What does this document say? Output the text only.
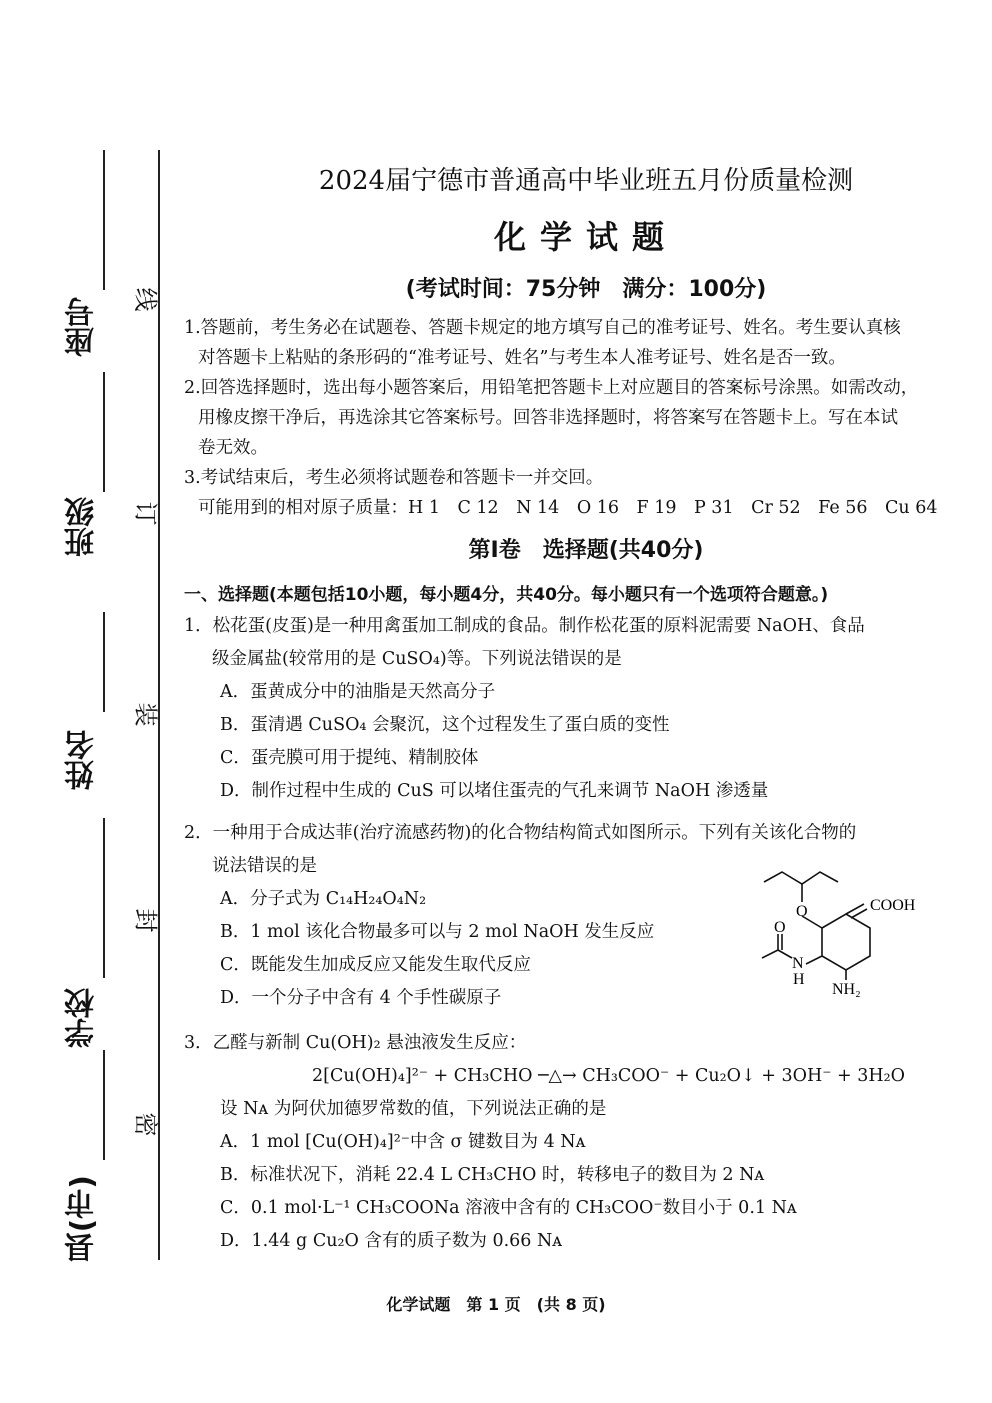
座号
班级
姓名
学校
县(市)
线
订
装
封
密
2024届宁德市普通高中毕业班五月份质量检测
化学试题
(考试时间：75分钟　满分：100分)
1.答题前，考生务必在试题卷、答题卡规定的地方填写自己的准考证号、姓名。考生要认真核
对答题卡上粘贴的条形码的“准考证号、姓名”与考生本人准考证号、姓名是否一致。
2.回答选择题时，选出每小题答案后，用铅笔把答题卡上对应题目的答案标号涂黑。如需改动，
用橡皮擦干净后，再选涂其它答案标号。回答非选择题时，将答案写在答题卡上。写在本试
卷无效。
3.考试结束后，考生必须将试题卷和答题卡一并交回。
可能用到的相对原子质量：H 1　C 12　N 14　O 16　F 19　P 31　Cr 52　Fe 56　Cu 64
第Ⅰ卷　选择题(共40分)
一、选择题(本题包括10小题，每小题4分，共40分。每小题只有一个选项符合题意。)
1．松花蛋(皮蛋)是一种用禽蛋加工制成的食品。制作松花蛋的原料泥需要 NaOH、食品
级金属盐(较常用的是 CuSO₄)等。下列说法错误的是
A．蛋黄成分中的油脂是天然高分子
B．蛋清遇 CuSO₄ 会聚沉，这个过程发生了蛋白质的变性
C．蛋壳膜可用于提纯、精制胶体
D．制作过程中生成的 CuS 可以堵住蛋壳的气孔来调节 NaOH 渗透量
2．一种用于合成达菲(治疗流感药物)的化合物结构简式如图所示。下列有关该化合物的
说法错误的是
A．分子式为 C₁₄H₂₄O₄N₂
B．1 mol 该化合物最多可以与 2 mol NaOH 发生反应
C．既能发生加成反应又能发生取代反应
D．一个分子中含有 4 个手性碳原子
O	COOH
O
N
H
NH₂
3．乙醛与新制 Cu(OH)₂ 悬浊液发生反应：
2[Cu(OH)₄]²⁻ + CH₃CHO ─△→ CH₃COO⁻ + Cu₂O↓ + 3OH⁻ + 3H₂O
设 Nᴀ 为阿伏加德罗常数的值，下列说法正确的是
A．1 mol [Cu(OH)₄]²⁻中含 σ 键数目为 4 Nᴀ
B．标准状况下，消耗 22.4 L CH₃CHO 时，转移电子的数目为 2 Nᴀ
C．0.1 mol·L⁻¹ CH₃COONa 溶液中含有的 CH₃COO⁻数目小于 0.1 Nᴀ
D．1.44 g Cu₂O 含有的质子数为 0.66 Nᴀ
化学试题　第 1 页　(共 8 页)
